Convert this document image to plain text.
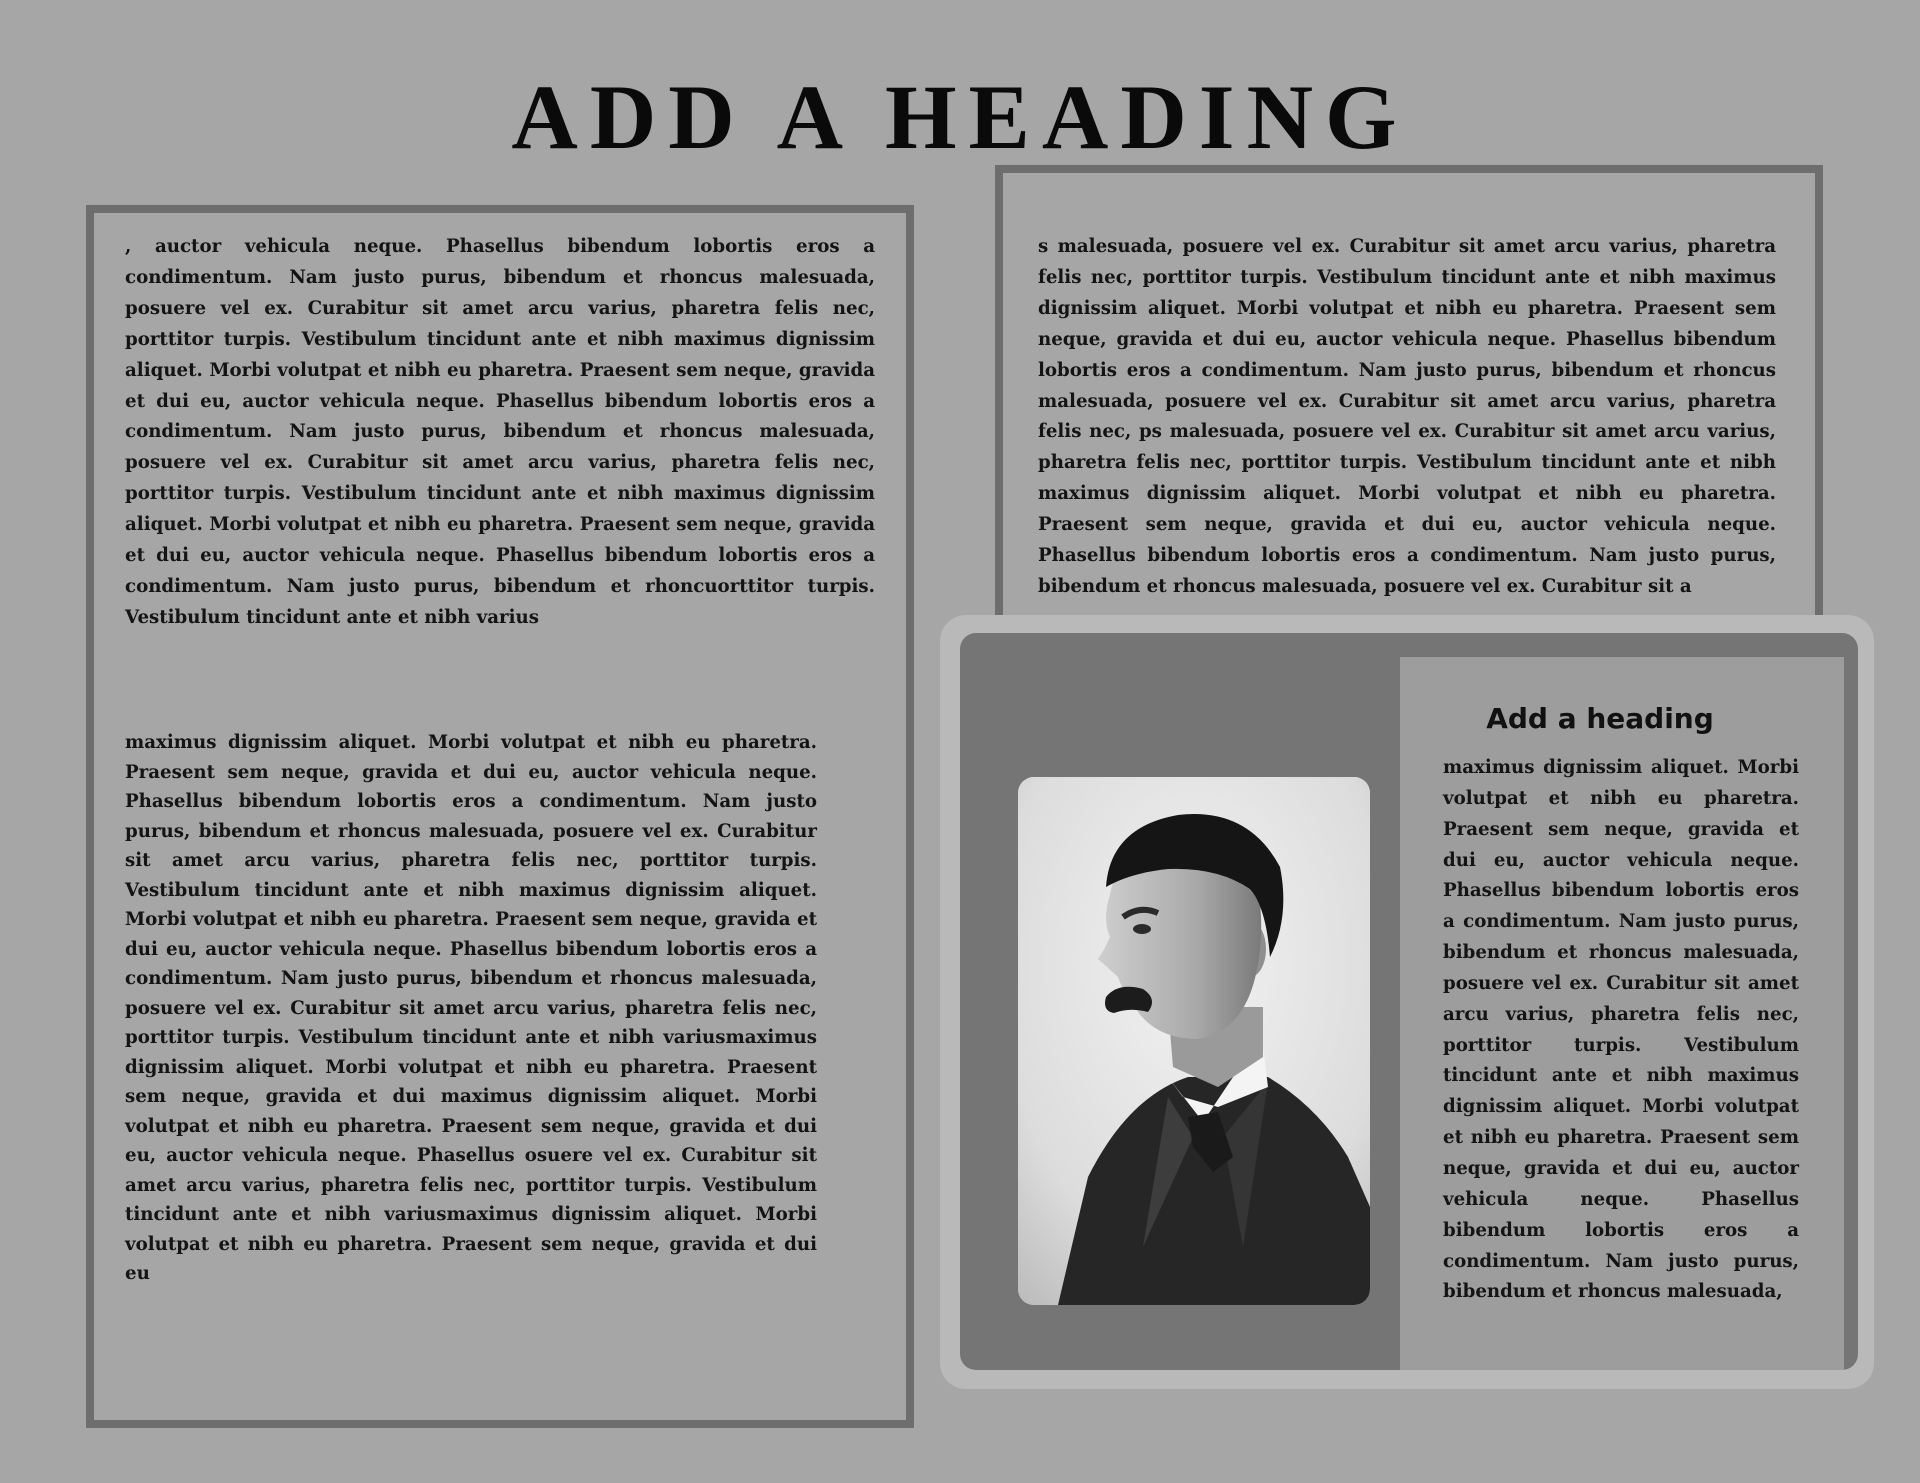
ADD A HEADING

, auctor vehicula neque. Phasellus bibendum lobortis eros a condimentum. Nam justo purus, bibendum et rhoncus malesuada, posuere vel ex. Curabitur sit amet arcu varius, pharetra felis nec, porttitor turpis. Vestibulum tincidunt ante et nibh maximus dignissim aliquet. Morbi volutpat et nibh eu pharetra. Praesent sem neque, gravida et dui eu, auctor vehicula neque. Phasellus bibendum lobortis eros a condimentum. Nam justo purus, bibendum et rhoncus malesuada, posuere vel ex. Curabitur sit amet arcu varius, pharetra felis nec, porttitor turpis. Vestibulum tincidunt ante et nibh maximus dignissim aliquet. Morbi volutpat et nibh eu pharetra. Praesent sem neque, gravida et dui eu, auctor vehicula neque. Phasellus bibendum lobortis eros a condimentum. Nam justo purus, bibendum et rhoncuorttitor turpis. Vestibulum tincidunt ante et nibh varius

maximus dignissim aliquet. Morbi volutpat et nibh eu pharetra. Praesent sem neque, gravida et dui eu, auctor vehicula neque. Phasellus bibendum lobortis eros a condimentum. Nam justo purus, bibendum et rhoncus malesuada, posuere vel ex. Curabitur sit amet arcu varius, pharetra felis nec, porttitor turpis. Vestibulum tincidunt ante et nibh maximus dignissim aliquet. Morbi volutpat et nibh eu pharetra. Praesent sem neque, gravida et dui eu, auctor vehicula neque. Phasellus bibendum lobortis eros a condimentum. Nam justo purus, bibendum et rhoncus malesuada, posuere vel ex. Curabitur sit amet arcu varius, pharetra felis nec, porttitor turpis. Vestibulum tincidunt ante et nibh variusmaximus dignissim aliquet. Morbi volutpat et nibh eu pharetra. Praesent sem neque, gravida et dui maximus dignissim aliquet. Morbi volutpat et nibh eu pharetra. Praesent sem neque, gravida et dui eu, auctor vehicula neque. Phasellus osuere vel ex. Curabitur sit amet arcu varius, pharetra felis nec, porttitor turpis. Vestibulum tincidunt ante et nibh variusmaximus dignissim aliquet. Morbi volutpat et nibh eu pharetra. Praesent sem neque, gravida et dui eu

s malesuada, posuere vel ex. Curabitur sit amet arcu varius, pharetra felis nec, porttitor turpis. Vestibulum tincidunt ante et nibh maximus dignissim aliquet. Morbi volutpat et nibh eu pharetra. Praesent sem neque, gravida et dui eu, auctor vehicula neque. Phasellus bibendum lobortis eros a condimentum. Nam justo purus, bibendum et rhoncus malesuada, posuere vel ex. Curabitur sit amet arcu varius, pharetra felis nec, ps malesuada, posuere vel ex. Curabitur sit amet arcu varius, pharetra felis nec, porttitor turpis. Vestibulum tincidunt ante et nibh maximus dignissim aliquet. Morbi volutpat et nibh eu pharetra. Praesent sem neque, gravida et dui eu, auctor vehicula neque. Phasellus bibendum lobortis eros a condimentum. Nam justo purus, bibendum et rhoncus malesuada, posuere vel ex. Curabitur sit a

Add a heading

maximus dignissim aliquet. Morbi volutpat et nibh eu pharetra. Praesent sem neque, gravida et dui eu, auctor vehicula neque. Phasellus bibendum lobortis eros a condimentum. Nam justo purus, bibendum et rhoncus malesuada, posuere vel ex. Curabitur sit amet arcu varius, pharetra felis nec, porttitor turpis. Vestibulum tincidunt ante et nibh maximus dignissim aliquet. Morbi volutpat et nibh eu pharetra. Praesent sem neque, gravida et dui eu, auctor vehicula neque. Phasellus bibendum lobortis eros a condimentum. Nam justo purus, bibendum et rhoncus malesuada,
